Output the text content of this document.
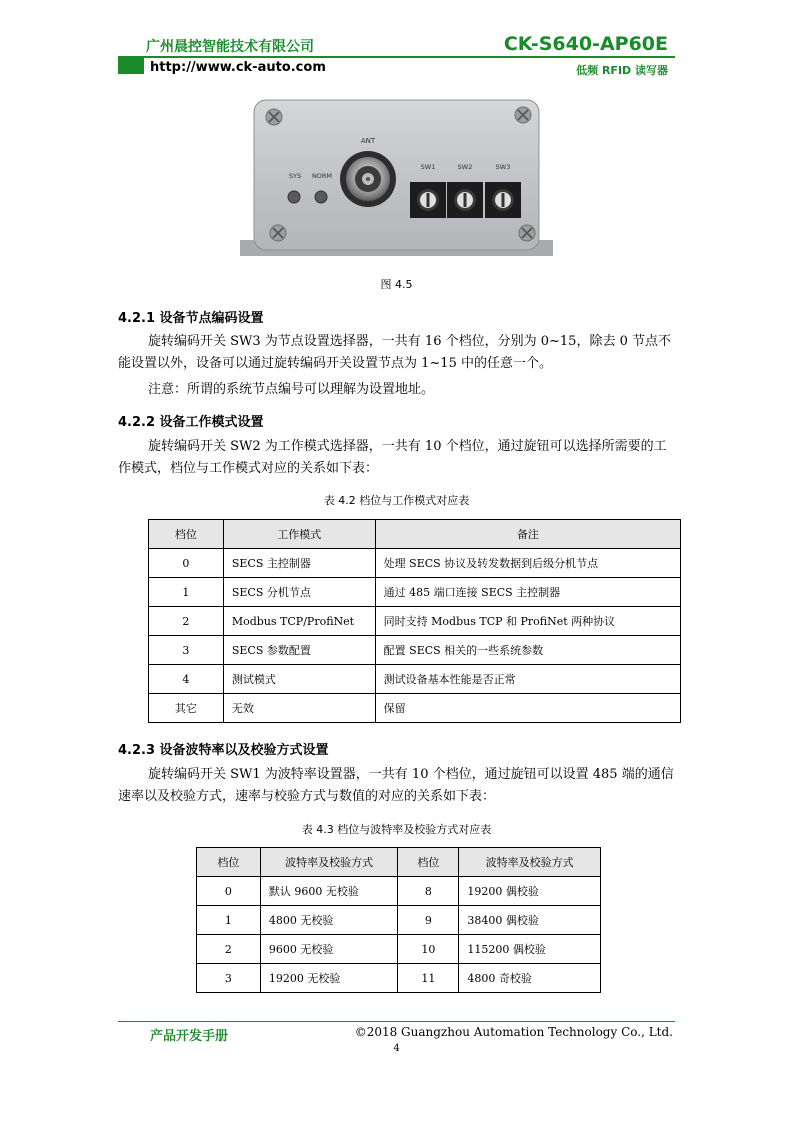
广州晨控智能技术有限公司	CK-S640-AP60E
http://www.ck-auto.com	低频 RFID 读写器
ANT
SYS NORM
SW1	SW2	SW3
图 4.5
4.2.1 设备节点编码设置

旋转编码开关 SW3 为节点设置选择器，一共有 16 个档位，分别为 0~15，除去 0 节点不能设置以外，设备可以通过旋转编码开关设置节点为 1~15 中的任意一个。

注意：所谓的系统节点编号可以理解为设置地址。

4.2.2 设备工作模式设置

旋转编码开关 SW2 为工作模式选择器，一共有 10 个档位，通过旋钮可以选择所需要的工作模式，档位与工作模式对应的关系如下表：

表 4.2 档位与工作模式对应表
档位	工作模式	备注
0	SECS 主控制器	处理 SECS 协议及转发数据到后级分机节点
1	SECS 分机节点	通过 485 端口连接 SECS 主控制器
2	Modbus TCP/ProfiNet	同时支持 Modbus TCP 和 ProfiNet 两种协议
3	SECS 参数配置	配置 SECS 相关的一些系统参数
4	测试模式	测试设备基本性能是否正常
其它	无效	保留
4.2.3 设备波特率以及校验方式设置

旋转编码开关 SW1 为波特率设置器，一共有 10 个档位，通过旋钮可以设置 485 端的通信速率以及校验方式，速率与校验方式与数值的对应的关系如下表：

表 4.3 档位与波特率及校验方式对应表
档位	波特率及校验方式	档位	波特率及校验方式
0	默认 9600 无校验	8	19200 偶校验
1	4800 无校验	9	38400 偶校验
2	9600 无校验	10	115200 偶校验
3	19200 无校验	11	4800 奇校验
产品开发手册	©2018 Guangzhou Automation Technology Co., Ltd.
4
